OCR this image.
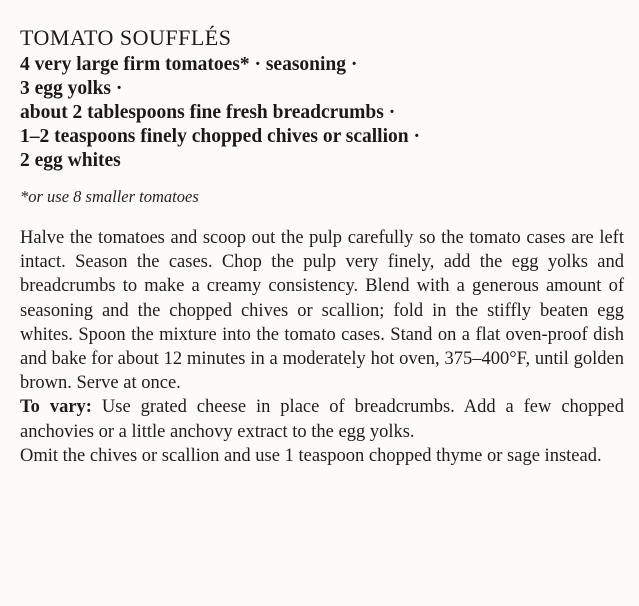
TOMATO SOUFFLÉS
4 very large firm tomatoes* · seasoning ·
3 egg yolks ·
about 2 tablespoons fine fresh breadcrumbs ·
1–2 teaspoons finely chopped chives or scallion ·
2 egg whites
*or use 8 smaller tomatoes

Halve the tomatoes and scoop out the pulp carefully so the tomato cases are left intact. Season the cases. Chop the pulp very finely, add the egg yolks and breadcrumbs to make a creamy consistency. Blend with a generous amount of seasoning and the chopped chives or scallion; fold in the stiffly beaten egg whites. Spoon the mixture into the tomato cases. Stand on a flat oven-proof dish and bake for about 12 minutes in a moderately hot oven, 375–400°F, until golden brown. Serve at once.

To vary: Use grated cheese in place of breadcrumbs. Add a few chopped anchovies or a little anchovy extract to the egg yolks.

Omit the chives or scallion and use 1 teaspoon chopped thyme or sage instead.
